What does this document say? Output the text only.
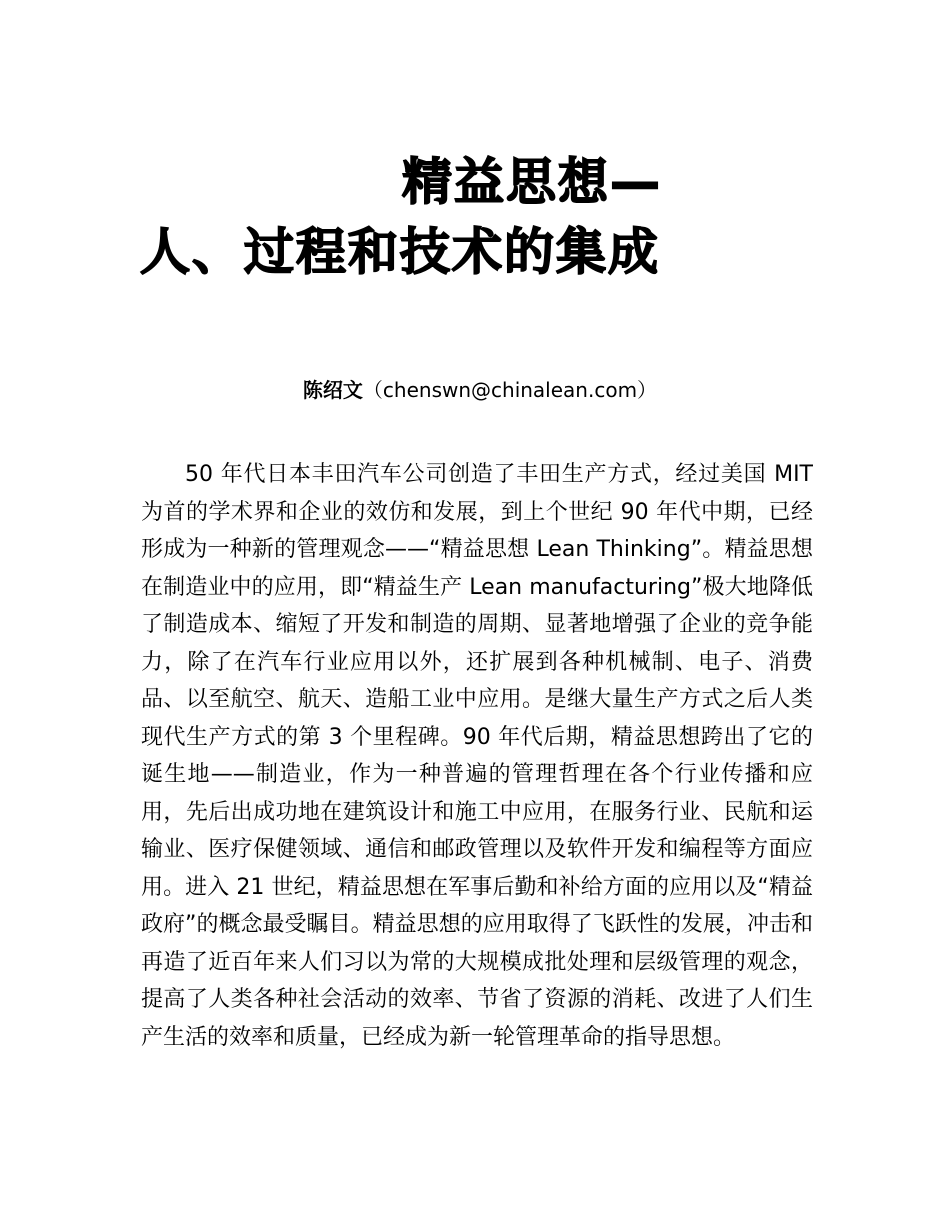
精益思想—
人、过程和技术的集成
陈绍文（chenswn@chinalean.com）

50 年代日本丰田汽车公司创造了丰田生产方式，经过美国 MIT 为首的学术界和企业的效仿和发展，到上个世纪 90 年代中期，已经形成为一种新的管理观念——“精益思想 Lean Thinking”。精益思想在制造业中的应用，即“精益生产 Lean manufacturing”极大地降低了制造成本、缩短了开发和制造的周期、显著地增强了企业的竞争能力，除了在汽车行业应用以外，还扩展到各种机械制、电子、消费品、以至航空、航天、造船工业中应用。是继大量生产方式之后人类现代生产方式的第 3 个里程碑。90 年代后期，精益思想跨出了它的诞生地——制造业，作为一种普遍的管理哲理在各个行业传播和应用，先后出成功地在建筑设计和施工中应用，在服务行业、民航和运输业、医疗保健领域、通信和邮政管理以及软件开发和编程等方面应用。进入 21 世纪，精益思想在军事后勤和补给方面的应用以及“精益政府”的概念最受瞩目。精益思想的应用取得了飞跃性的发展，冲击和再造了近百年来人们习以为常的大规模成批处理和层级管理的观念，提高了人类各种社会活动的效率、节省了资源的消耗、改进了人们生产生活的效率和质量，已经成为新一轮管理革命的指导思想。
